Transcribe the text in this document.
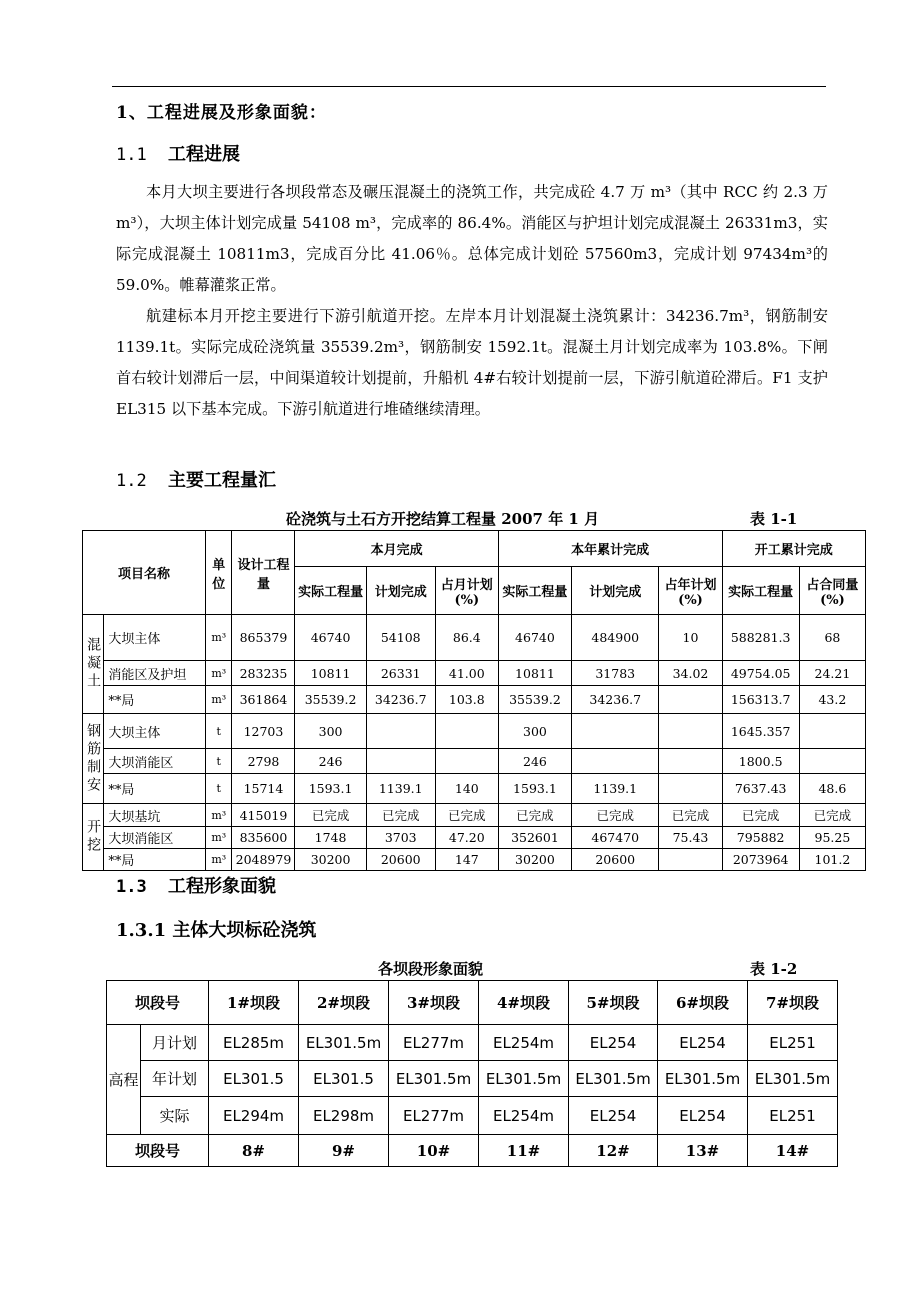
1、工程进展及形象面貌：
1.1 工程进展

本月大坝主要进行各坝段常态及碾压混凝土的浇筑工作，共完成砼 4.7 万 m³（其中 RCC 约 2.3 万 m³），大坝主体计划完成量 54108 m³，完成率的 86.4%。消能区与护坦计划完成混凝土 26331m3，实际完成混凝土 10811m3，完成百分比 41.06％。总体完成计划砼 57560m3，完成计划 97434m³的 59.0%。帷幕灌浆正常。

航建标本月开挖主要进行下游引航道开挖。左岸本月计划混凝土浇筑累计：34236.7m³，钢筋制安 1139.1t。实际完成砼浇筑量 35539.2m³，钢筋制安 1592.1t。混凝土月计划完成率为 103.8%。下闸首右较计划滞后一层，中间渠道较计划提前，升船机 4#右较计划提前一层，下游引航道砼滞后。F1 支护 EL315 以下基本完成。下游引航道进行堆碴继续清理。

1.2 主要工程量汇
砼浇筑与土石方开挖结算工程量 2007 年 1 月	表 1-1
项目名称		单位	设计工程量	本月完成			本年累计完成			开工累计完成	
				实际工程量	计划完成	占月计划(%)	实际工程量	计划完成	占年计划(%)	实际工程量	占合同量(%)
混凝土	大坝主体	m³	865379	46740	54108	86.4	46740	484900	10	588281.3	68
	消能区及护坦	m³	283235	10811	26331	41.00	10811	31783	34.02	49754.05	24.21
	**局	m³	361864	35539.2	34236.7	103.8	35539.2	34236.7		156313.7	43.2
钢筋制安	大坝主体	t	12703	300			300			1645.357	
	大坝消能区	t	2798	246			246			1800.5	
	**局	t	15714	1593.1	1139.1	140	1593.1	1139.1		7637.43	48.6
开挖	大坝基坑	m³	415019	已完成	已完成	已完成	已完成	已完成	已完成	已完成	已完成
	大坝消能区	m³	835600	1748	3703	47.20	352601	467470	75.43	795882	95.25
	**局	m³	2048979	30200	20600	147	30200	20600		2073964	101.2
1.3 工程形象面貌
1.3.1 主体大坝标砼浇筑
各坝段形象面貌	表 1-2
坝段号		1#坝段	2#坝段	3#坝段	4#坝段	5#坝段	6#坝段	7#坝段
高程	月计划	EL285m	EL301.5m	EL277m	EL254m	EL254	EL254	EL251
	年计划	EL301.5	EL301.5	EL301.5m	EL301.5m	EL301.5m	EL301.5m	EL301.5m
	实际	EL294m	EL298m	EL277m	EL254m	EL254	EL254	EL251
坝段号		8#	9#	10#	11#	12#	13#	14#
